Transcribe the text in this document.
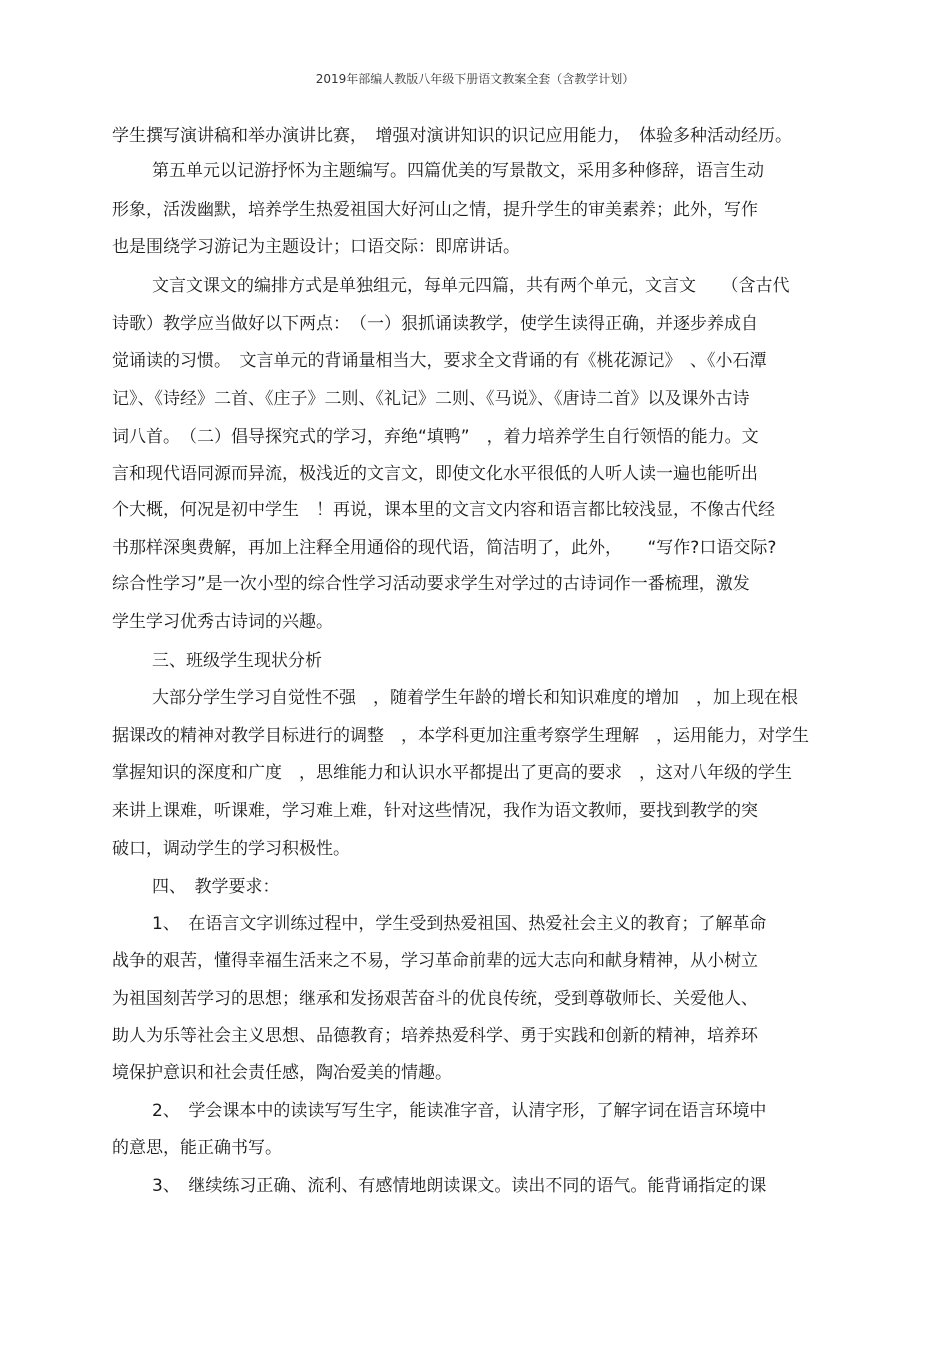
2019年部编人教版八年级下册语文教案全套（含教学计划）
学生撰写演讲稿和举办演讲比赛，　增强对演讲知识的识记应用能力，　体验多种活动经历。
第五单元以记游抒怀为主题编写。四篇优美的写景散文，采用多种修辞，语言生动
形象，活泼幽默，培养学生热爱祖国大好河山之情，提升学生的审美素养；此外，写作
也是围绕学习游记为主题设计；口语交际：即席讲话。
文言文课文的编排方式是单独组元，每单元四篇，共有两个单元，文言文　　（含古代
诗歌）教学应当做好以下两点：　（一）狠抓诵读教学，使学生读得正确，并逐步养成自
觉诵读的习惯。　文言单元的背诵量相当大，要求全文背诵的有《桃花源记》　、《小石潭
记》、《诗经》二首、《庄子》二则、《礼记》二则、《马说》、《唐诗二首》以及课外古诗
词八首。　（二）倡导探究式的学习，弃绝“填鸭”　，着力培养学生自行领悟的能力。文
言和现代语同源而异流，极浅近的文言文，即使文化水平很低的人听人读一遍也能听出
个大概，何况是初中学生　！再说，课本里的文言文内容和语言都比较浅显，不像古代经
书那样深奥费解，再加上注释全用通俗的现代语，简洁明了，此外，　　“写作?口语交际?
综合性学习”是一次小型的综合性学习活动要求学生对学过的古诗词作一番梳理，激发
学生学习优秀古诗词的兴趣。
三、班级学生现状分析
大部分学生学习自觉性不强　，随着学生年龄的增长和知识难度的增加　，加上现在根
据课改的精神对教学目标进行的调整　，本学科更加注重考察学生理解　，运用能力，对学生
掌握知识的深度和广度　，思维能力和认识水平都提出了更高的要求　，这对八年级的学生
来讲上课难，听课难，学习难上难，针对这些情况，我作为语文教师，要找到教学的突
破口，调动学生的学习积极性。
四、　教学要求：
1、　在语言文字训练过程中，学生受到热爱祖国、热爱社会主义的教育；了解革命
战争的艰苦，懂得幸福生活来之不易，学习革命前辈的远大志向和献身精神，从小树立
为祖国刻苦学习的思想；继承和发扬艰苦奋斗的优良传统，受到尊敬师长、关爱他人、
助人为乐等社会主义思想、品德教育；培养热爱科学、勇于实践和创新的精神，培养环
境保护意识和社会责任感，陶冶爱美的情趣。
2、　学会课本中的读读写写生字，能读准字音，认清字形，了解字词在语言环境中
的意思，能正确书写。
3、　继续练习正确、流利、有感情地朗读课文。读出不同的语气。能背诵指定的课
